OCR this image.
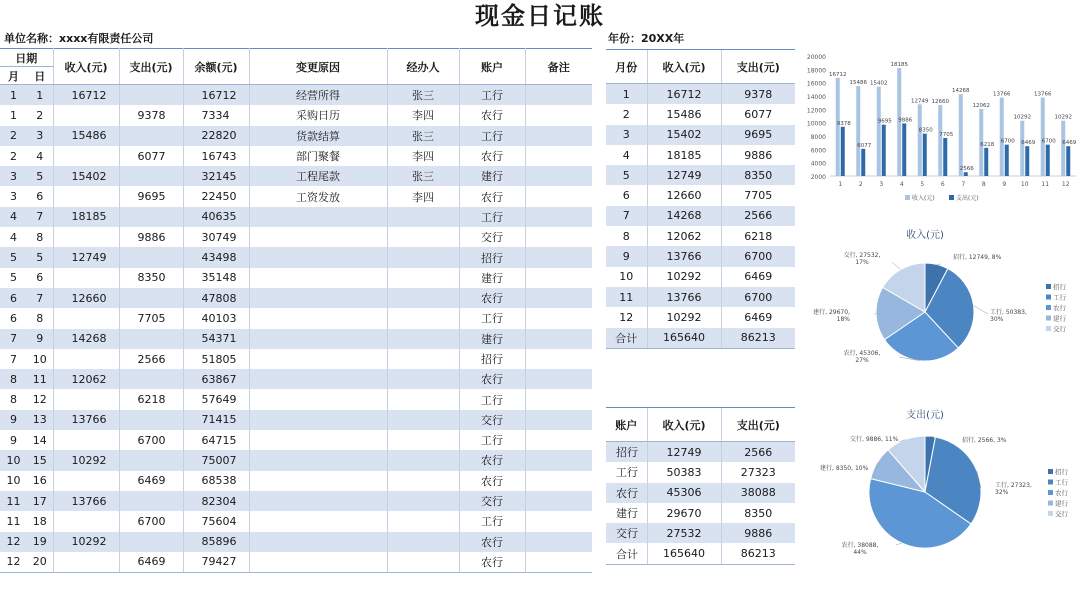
现金日记账
单位名称：xxxx有限责任公司	年份：20XX年
日期		收入(元)	支出(元)	余额(元)	变更原因	经办人	账户	备注
月	日							
1	1	16712		16712	经营所得	张三	工行	
1	2		9378	7334	采购日历	李四	农行	
2	3	15486		22820	货款结算	张三	工行	
2	4		6077	16743	部门聚餐	李四	农行	
3	5	15402		32145	工程尾款	张三	建行	
3	6		9695	22450	工资发放	李四	农行	
4	7	18185		40635			工行	
4	8		9886	30749			交行	
5	5	12749		43498			招行	
5	6		8350	35148			建行	
6	7	12660		47808			农行	
6	8		7705	40103			工行	
7	9	14268		54371			建行	
7	10		2566	51805			招行	
8	11	12062		63867			农行	
8	12		6218	57649			工行	
9	13	13766		71415			交行	
9	14		6700	64715			工行	
10	15	10292		75007			农行	
10	16		6469	68538			农行	
11	17	13766		82304			交行	
11	18		6700	75604			工行	
12	19	10292		85896			农行	
12	20		6469	79427			农行	
月份	收入(元)	支出(元)
1	16712	9378
2	15486	6077
3	15402	9695
4	18185	9886
5	12749	8350
6	12660	7705
7	14268	2566
8	12062	6218
9	13766	6700
10	10292	6469
11	13766	6700
12	10292	6469
合计	165640	86213
账户	收入(元)	支出(元)
招行	12749	2566
工行	50383	27323
农行	45306	38088
建行	29670	8350
交行	27532	9886
合计	165640	86213
2000
4000
6000
8000
10000
12000
14000
16000
18000
20000
16712
9378
1
15486
6077
2
15402
9695
3
18185
9886
4
12749
8350
5
12660
7705
6
14268
2566
7
12062
6218
8
13766
6700
9
10292
6469
10
13766
6700
11
10292
6469
12
收入(元)	支出(元)
收入(元)
招行, 12749, 8%
工行, 50383, 30%
农行, 45306, 27%
建行, 29670, 18%
交行, 27532, 17%
招行
工行
农行
建行
交行
支出(元)
招行, 2566, 3%
工行, 27323, 32%
农行, 38088, 44%
建行, 8350, 10%
交行, 9886, 11%
招行
工行
农行
建行
交行
